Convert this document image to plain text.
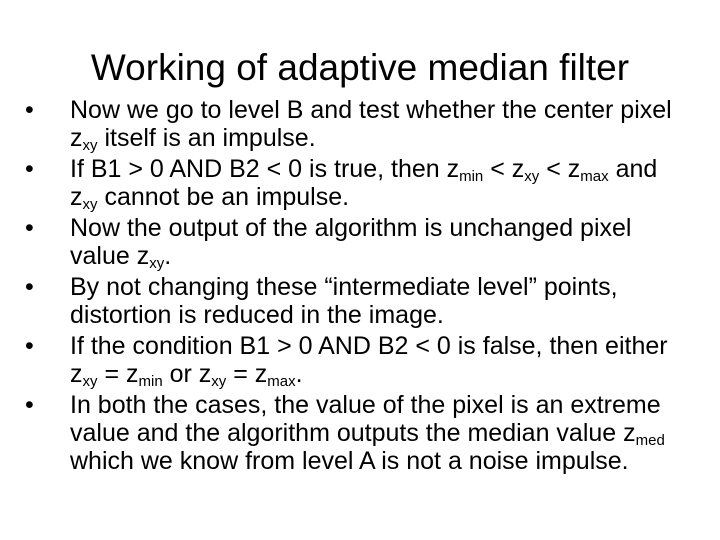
Working of adaptive median filter
• Now we go to level B and test whether the center pixel $z_{xy}$ itself is an impulse.
• If B1 > 0 AND B2 < 0 is true, then $z_{min} < z_{xy} < z_{max}$ and $z_{xy}$ cannot be an impulse.
• Now the output of the algorithm is unchanged pixel value $z_{xy}$.
• By not changing these “intermediate level” points, distortion is reduced in the image.
• If the condition B1 > 0 AND B2 < 0 is false, then either $z_{xy} = z_{min}$ or $z_{xy} = z_{max}$.
• In both the cases, the value of the pixel is an extreme value and the algorithm outputs the median value $z_{med}$ which we know from level A is not a noise impulse.
